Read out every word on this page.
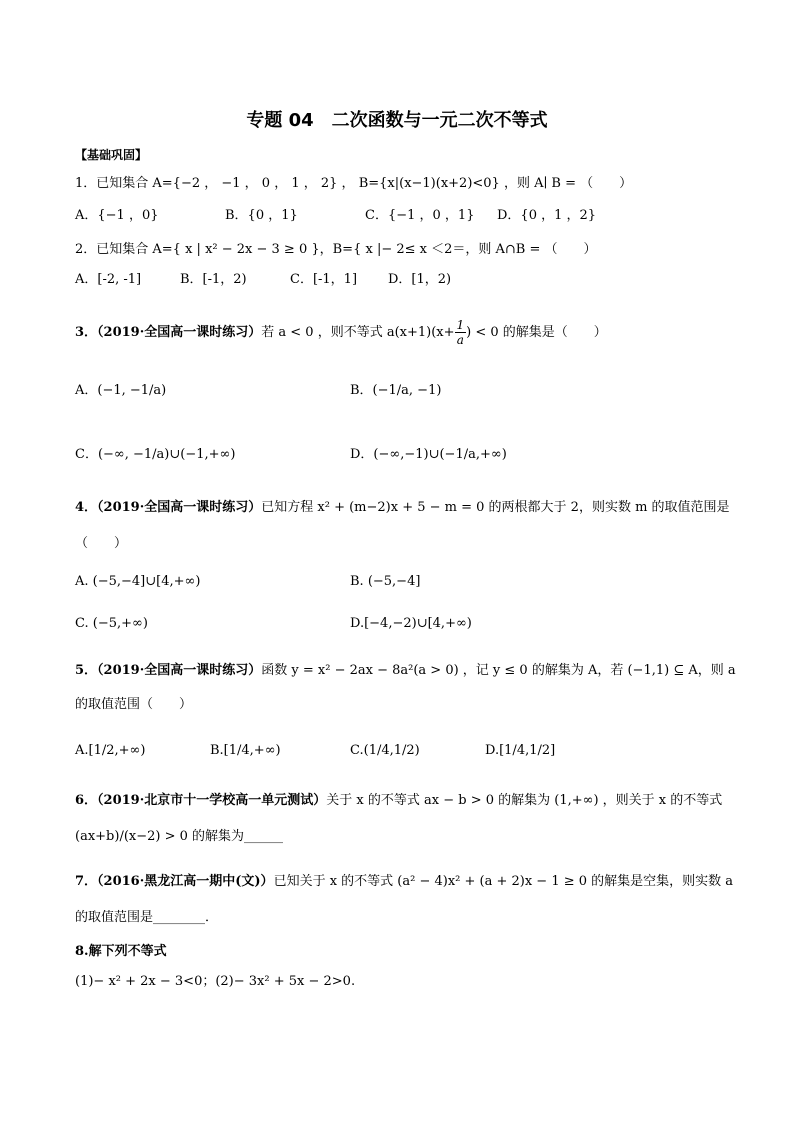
专题 04　二次函数与一元二次不等式
【基础巩固】
1．已知集合 A={−2 ， −1 ， 0 ， 1 ， 2} ， B={x|(x−1)(x+2)<0} ，则 A∣ B = （　　）
A．{−1 ，0}	B．{0 ，1}	C．{−1 ，0 ，1} D．{0 ，1 ，2}
2．已知集合 A={ x | x² − 2x − 3 ≥ 0 }，B={ x |− 2≤ x ＜2＝，则 A∩B = （　　）
A．[-2, -1]	B．[-1，2)	C．[-1，1] D．[1，2)
3．（2019·全国高一课时练习）若 a < 0 ，则不等式 $a(x+1)(x+ \frac{1}{a}$ ) < 0 的解集是（　　）
A．(−1, −1/a)	B．(−1/a, −1)
C．(−∞, −1/a)∪(−1,+∞)	D．(−∞,−1)∪(−1/a,+∞)
4．（2019·全国高一课时练习）已知方程 x² + (m−2)x + 5 − m = 0 的两根都大于 2，则实数 m 的取值范围是
（　　）
A. (−5,−4]∪[4,+∞)	B. (−5,−4]
C. (−5,+∞)	D.[−4,−2)∪[4,+∞)
5．（2019·全国高一课时练习）函数 y = x² − 2ax − 8a²(a > 0) ，记 y ≤ 0 的解集为 A，若 (−1,1) ⊆ A，则 a
的取值范围（　　）
A.[1/2,+∞)	B.[1/4,+∞)	C.(1/4,1/2)	D.[1/4,1/2]
6．（2019·北京市十一学校高一单元测试）关于 x 的不等式 ax − b > 0 的解集为 (1,+∞) ，则关于 x 的不等式
(ax+b)/(x−2) > 0 的解集为______
7．（2016·黑龙江高一期中(文)）已知关于 x 的不等式 (a² − 4)x² + (a + 2)x − 1 ≥ 0 的解集是空集，则实数 a
的取值范围是________．
8.解下列不等式
(1)− x² + 2x − 3<0；(2)− 3x² + 5x − 2>0.
